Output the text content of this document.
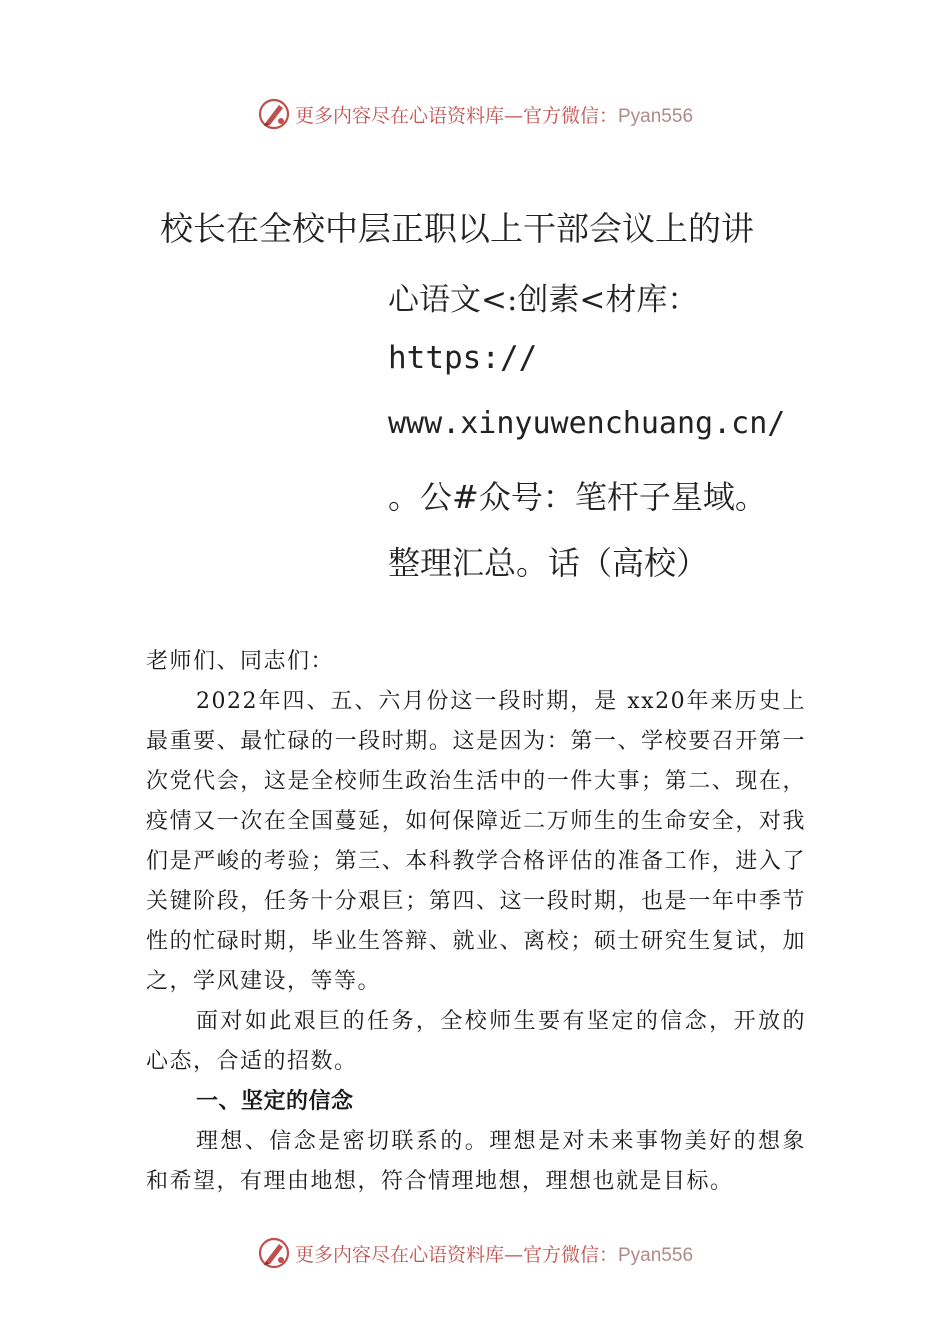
更多内容尽在心语资料库—官方微信：Pyan556
校长在全校中层正职以上干部会议上的讲
心语文<:创素<材库：
https://
www.xinyuwenchuang.cn/
。公#众号：笔杆子星域。
整理汇总。话（高校）

老师们、同志们：

2022年四、五、六月份这一段时期，是 xx20年来历史上最重要、最忙碌的一段时期。这是因为：第一、学校要召开第一次党代会，这是全校师生政治生活中的一件大事；第二、现在，疫情又一次在全国蔓延，如何保障近二万师生的生命安全，对我们是严峻的考验；第三、本科教学合格评估的准备工作，进入了关键阶段，任务十分艰巨；第四、这一段时期，也是一年中季节性的忙碌时期，毕业生答辩、就业、离校；硕士研究生复试，加之，学风建设，等等。

面对如此艰巨的任务，全校师生要有坚定的信念，开放的心态，合适的招数。

一、坚定的信念

理想、信念是密切联系的。理想是对未来事物美好的想象和希望，有理由地想，符合情理地想，理想也就是目标。

更多内容尽在心语资料库—官方微信：Pyan556
